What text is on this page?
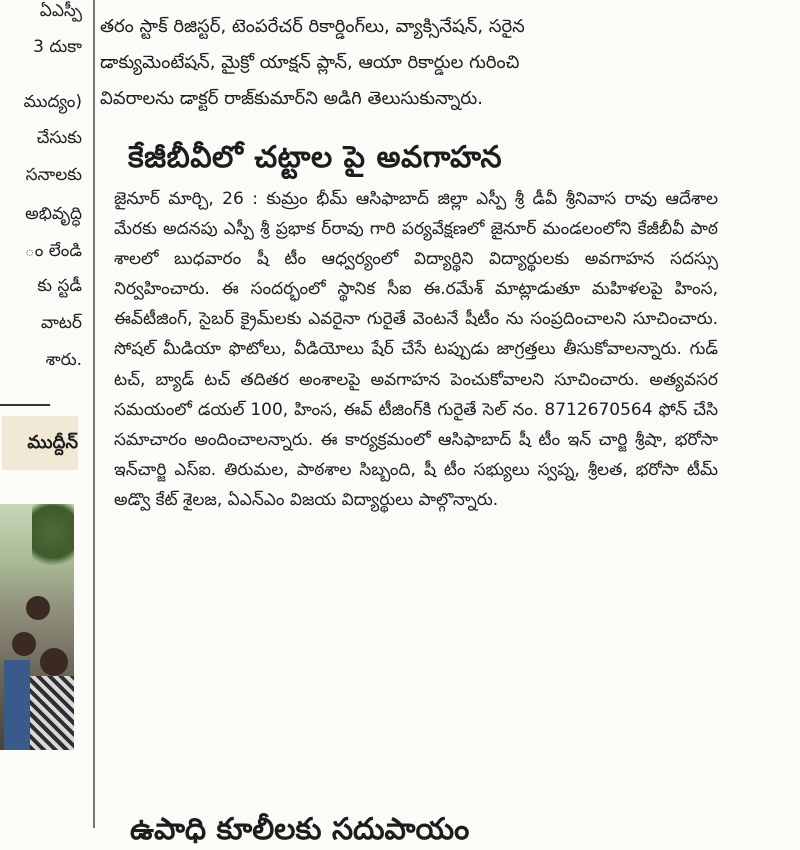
ఏఎస్పీ
3 దుకా
ముద్యం)
చేసుకు
సనాలకు
అభివృద్ధి
ం లేండి
కు స్టడీ
వాటర్
శారు.
ముద్దీన్
తరం స్టాక్ రిజిస్టర్, టెంపరేచర్ రికార్డింగ్‌లు, వ్యాక్సినేషన్, సరైన
డాక్యుమెంటేషన్, మైక్రో యాక్షన్ ప్లాన్, ఆయా రికార్డుల గురించి
వివరాలను డాక్టర్ రాజ్‌కుమార్‌ని అడిగి తెలుసుకున్నారు.
కేజీబీవీలో చట్టాల పై అవగాహన
జైనూర్ మార్చి, 26 : కుమ్రం భీమ్ ఆసిఫాబాద్ జిల్లా ఎస్పీ శ్రీ డీవీ శ్రీనివాస రావు ఆదేశాల మేరకు అదనపు ఎస్పీ శ్రీ ప్రభాక ర్‌రావు గారి పర్యవేక్షణలో జైనూర్ మండలంలోని కేజీబీవీ పాఠ శాలలో బుధవారం షీ టీం ఆధ్వర్యంలో విద్యార్థిని విద్యార్థులకు అవగాహన సదస్సు నిర్వహించారు. ఈ సందర్భంలో స్థానిక సీఐ ఈ.రమేశ్ మాట్లాడుతూ మహిళలపై హింస, ఈవ్‌టీజింగ్, సైబర్ క్రైమ్‌లకు ఎవరైనా గురైతే వెంటనే షీటీం ను సంప్రదించాలని సూచించారు. సోషల్ మీడియా ఫొటోలు, వీడియోలు షేర్ చేసే టప్పుడు జాగ్రత్తలు తీసుకోవాలన్నారు. గుడ్ టచ్, బ్యాడ్ టచ్ తదితర అంశాలపై అవగాహన పెంచుకోవాలని సూచించారు. అత్యవసర సమయంలో డయల్ 100, హింస, ఈవ్ టీజింగ్‌కి గురైతే సెల్ నం. 8712670564 ఫోన్ చేసి సమాచారం అందించాలన్నారు. ఈ కార్యక్రమంలో ఆసిఫాబాద్ షీ టీం ఇన్ చార్జి శ్రీషా, భరోసా ఇన్‌చార్జి ఎస్ఐ. తిరుమల, పాఠశాల సిబ్బంది, షీ టీం సభ్యులు స్వప్న, శ్రీలత, భరోసా టీమ్ అడ్వొ కేట్ శైలజ, ఏఎన్ఎం విజయ విద్యార్థులు పాల్గొన్నారు.
ఉపాధి కూలీలకు సదుపాయం
